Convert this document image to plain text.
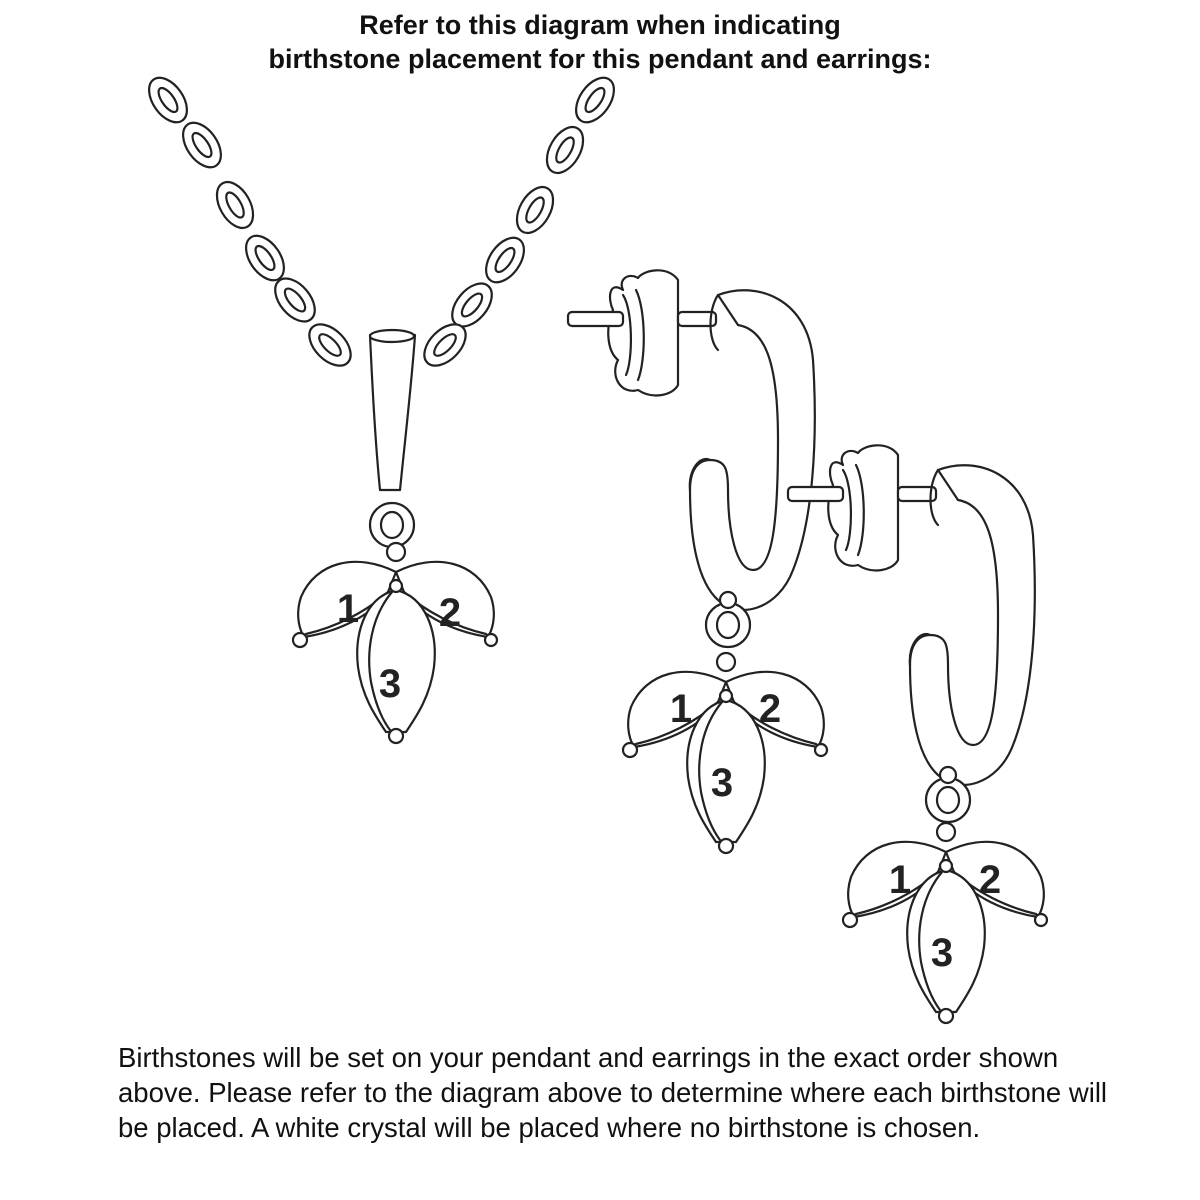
Refer to this diagram when indicating
birthstone placement for this pendant and earrings:
1 2
3
1 2
3
1 2
3
Birthstones will be set on your pendant and earrings in the exact order shown above. Please refer to the diagram above to determine where each birthstone will be placed. A white crystal will be placed where no birthstone is chosen.
